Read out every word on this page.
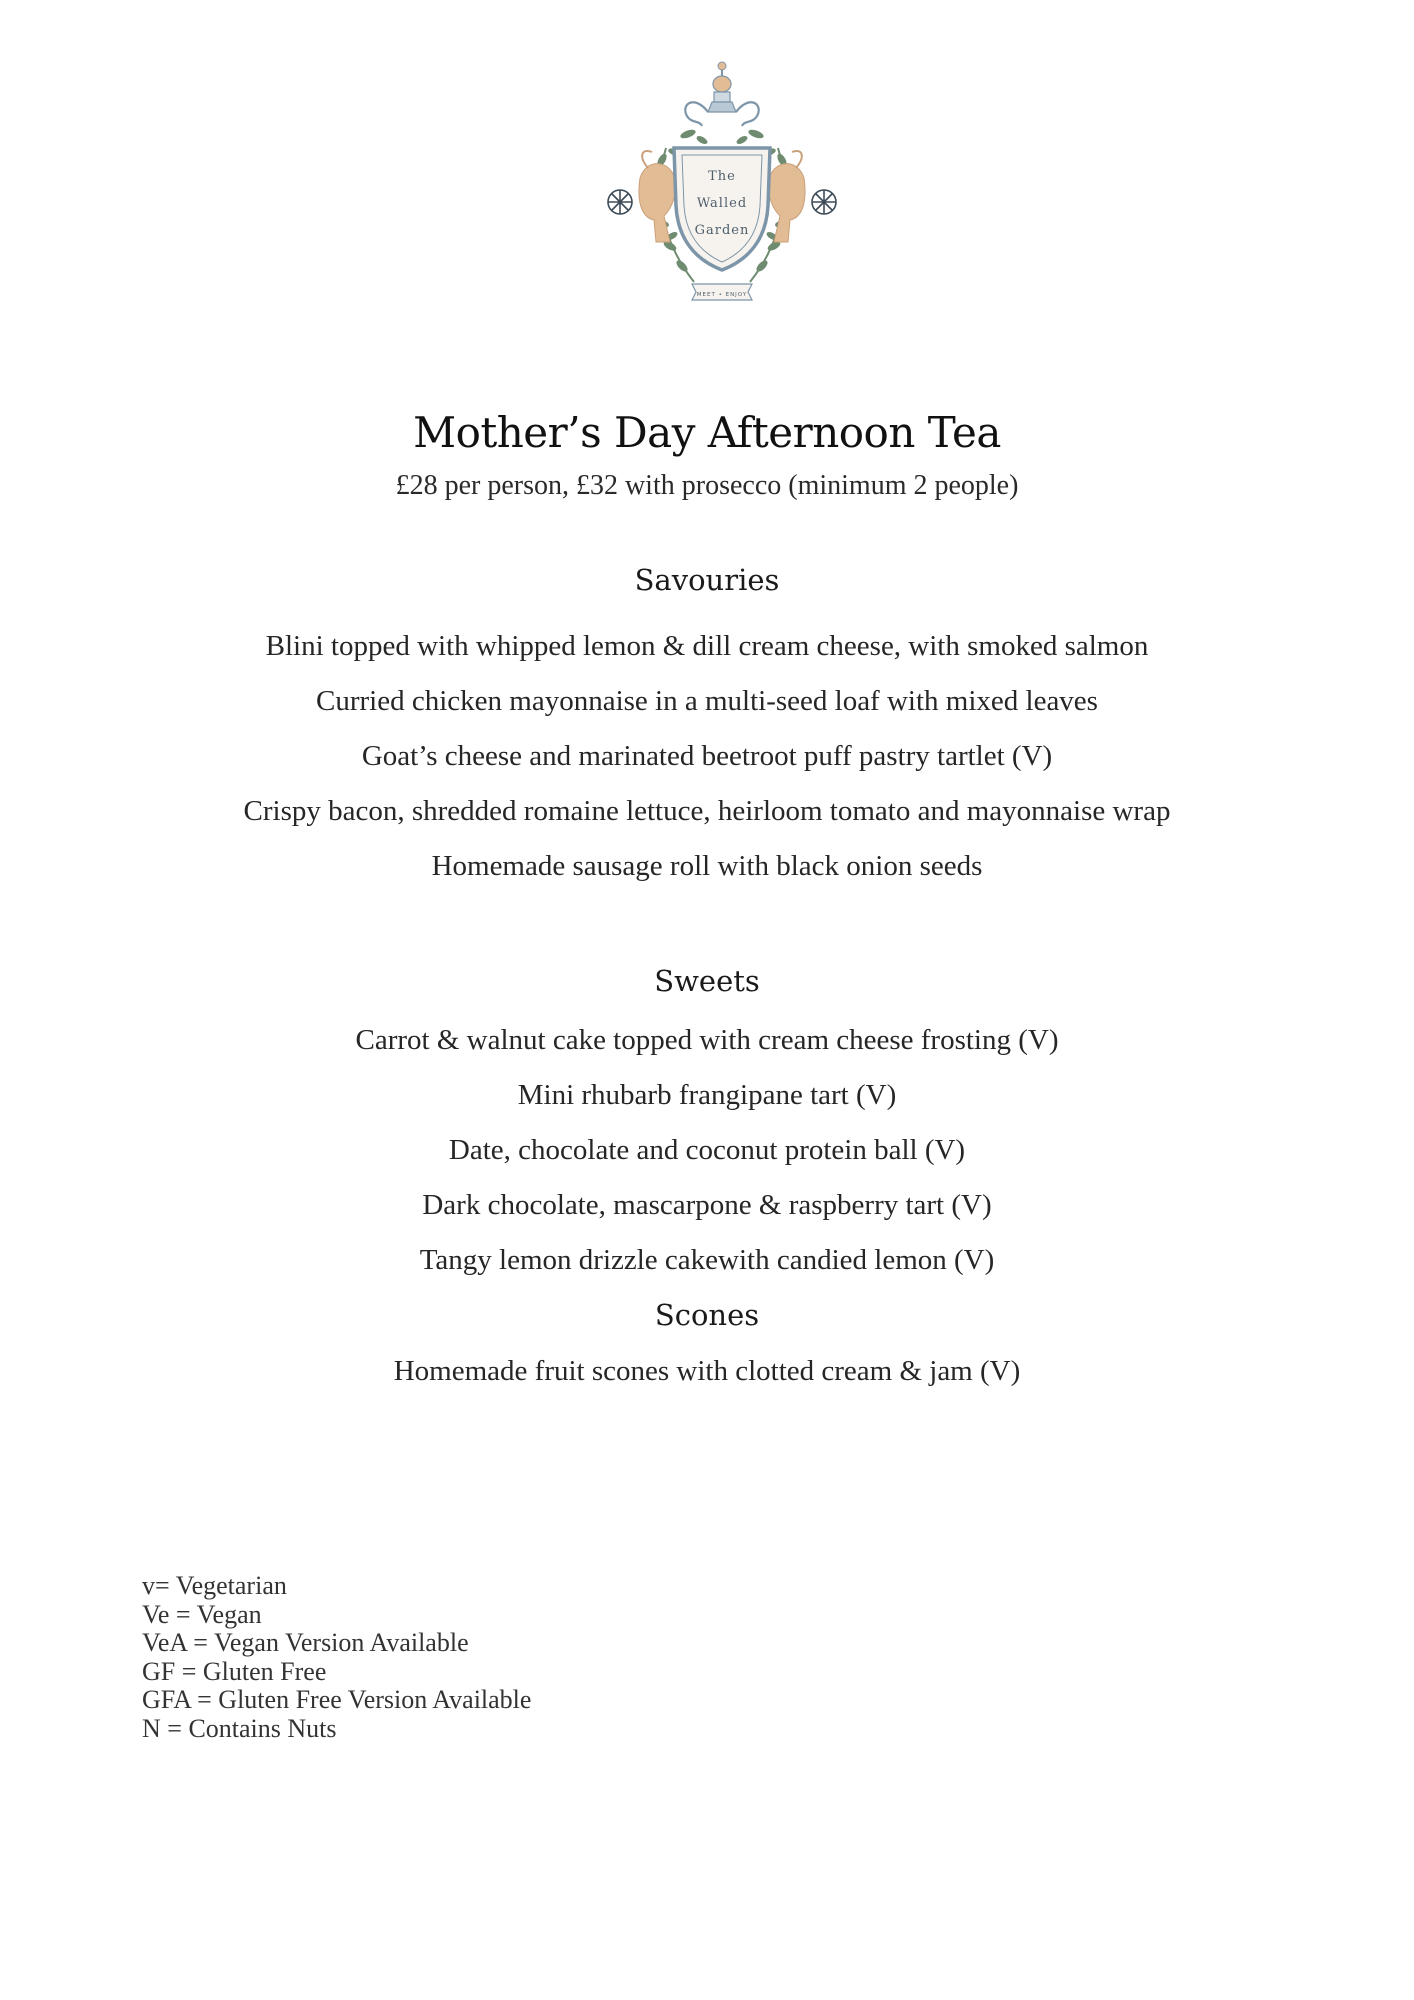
The
Walled
Garden
MEET • ENJOY
Mother’s Day Afternoon Tea
£28 per person, £32 with prosecco (minimum 2 people)
Savouries
Blini topped with whipped lemon & dill cream cheese, with smoked salmon
Curried chicken mayonnaise in a multi-seed loaf with mixed leaves
Goat’s cheese and marinated beetroot puff pastry tartlet (V)
Crispy bacon, shredded romaine lettuce, heirloom tomato and mayonnaise wrap
Homemade sausage roll with black onion seeds
Sweets
Carrot & walnut cake topped with cream cheese frosting (V)
Mini rhubarb frangipane tart (V)
Date, chocolate and coconut protein ball (V)
Dark chocolate, mascarpone & raspberry tart (V)
Tangy lemon drizzle cakewith candied lemon (V)
Scones
Homemade fruit scones with clotted cream & jam (V)
v= Vegetarian
Ve = Vegan
VeA = Vegan Version Available
GF = Gluten Free
GFA = Gluten Free Version Available
N = Contains Nuts
